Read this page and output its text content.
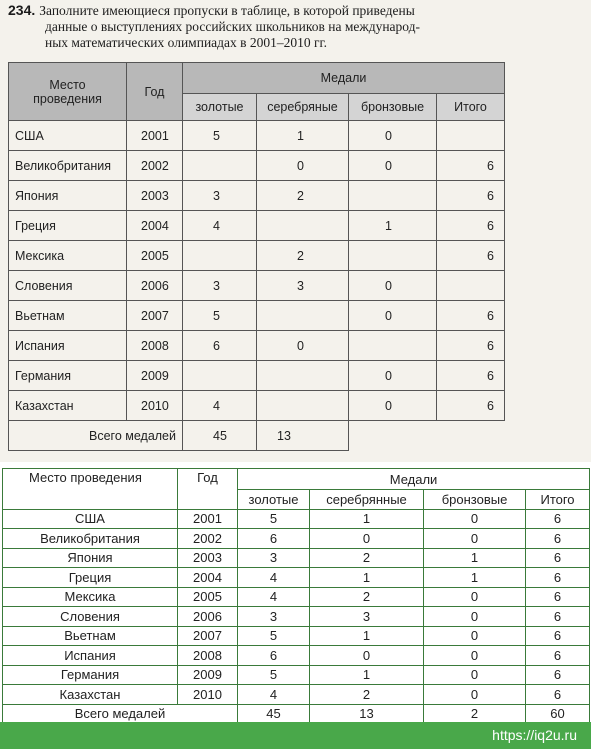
234. Заполните имеющиеся пропуски в таблице, в которой приведены
данные о выступлениях российских школьников на международ-
ных математических олимпиадах в 2001–2010 гг.
Место проведения	Год	Медали			
		золотые	серебряные	бронзовые	Итого
США	2001	5	1	0	
Великобритания	2002		0	0	6
Япония	2003	3	2		6
Греция	2004	4		1	6
Мексика	2005		2		6
Словения	2006	3	3	0	
Вьетнам	2007	5		0	6
Испания	2008	6	0		6
Германия	2009			0	6
Казахстан	2010	4		0	6
Всего медалей		45	13		
Место проведения	Год	Медали			
		золотые	серебрянные	бронзовые	Итого
США	2001	5	1	0	6
Великобритания	2002	6	0	0	6
Япония	2003	3	2	1	6
Греция	2004	4	1	1	6
Мексика	2005	4	2	0	6
Словения	2006	3	3	0	6
Вьетнам	2007	5	1	0	6
Испания	2008	6	0	0	6
Германия	2009	5	1	0	6
Казахстан	2010	4	2	0	6
Всего медалей		45	13	2	60
https://iq2u.ru
